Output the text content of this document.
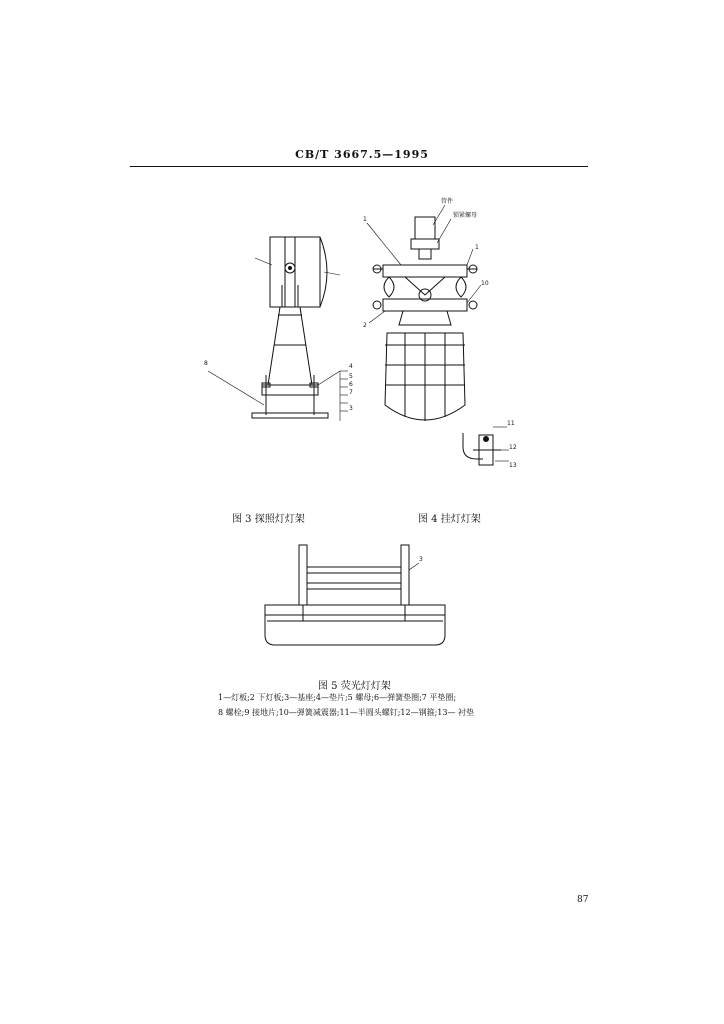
CB/T 3667.5—1995
8	4
5
6
7
3
图 3 探照灯灯架
1
1
2
10
11
12
13
管件
锁紧螺母
图 4 挂灯灯架
3
图 5 荧光灯灯架
1—灯板;2 下灯板;3—基座;4—垫片;5 螺母;6—弹簧垫圈;7 平垫圈;
8 螺栓;9 接地片;10—弹簧减震器;11—半圆头螺钉;12—钢箍;13— 衬垫
87
